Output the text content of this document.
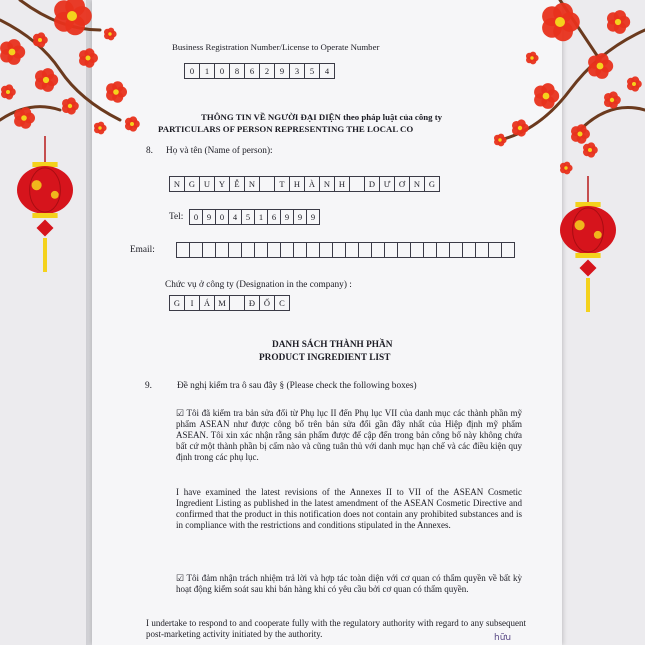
Business Registration Number/License to Operate Number
0	1	0	8	6	2	9	3	5	4
THÔNG TIN VỀ NGƯỜI ĐẠI DIỆN theo pháp luật của công ty
PARTICULARS OF PERSON REPRESENTING THE LOCAL CO
8. Họ và tên (Name of person):
N	G	U	Y	Ễ	N	T	H	À	N	H	D	Ư	Ơ	N	G
Tel:	0	9	0	4	5	1	6	9	9	9
Email:
Chức vụ ở công ty (Designation in the company) :
G	I	Á M	Đ	Ố	C
DANH SÁCH THÀNH PHẦN
PRODUCT INGREDIENT LIST
9.	Đề nghị kiểm tra ô sau đây § (Please check the following boxes)
☑ Tôi đã kiểm tra bản sửa đổi từ Phụ lục II đến Phụ lục VII của danh mục các thành phần mỹ phẩm ASEAN như được công bố trên bản sửa đổi gần đây nhất của Hiệp định mỹ phẩm ASEAN. Tôi xin xác nhận rằng sản phẩm được để cập đến trong bản công bố này không chứa bất cứ một thành phần bị cấm nào và cũng tuân thủ với danh mục hạn chế và các điều kiện quy định trong các phụ lục.
I have examined the latest revisions of the Annexes II to VII of the ASEAN Cosmetic Ingredient Listing as published in the latest amendment of the ASEAN Cosmetic Directive and confirmed that the product in this notification does not contain any prohibited substances and is in compliance with the restrictions and conditions stipulated in the Annexes.
☑ Tôi đảm nhận trách nhiệm trả lời và hợp tác toàn diện với cơ quan có thẩm quyền về bất kỳ hoạt động kiểm soát sau khi bán hàng khi có yêu cầu bởi cơ quan có thẩm quyền.
I undertake to respond to and cooperate fully with the regulatory authority with regard to any subsequent post-marketing activity initiated by the authority.	hữu
